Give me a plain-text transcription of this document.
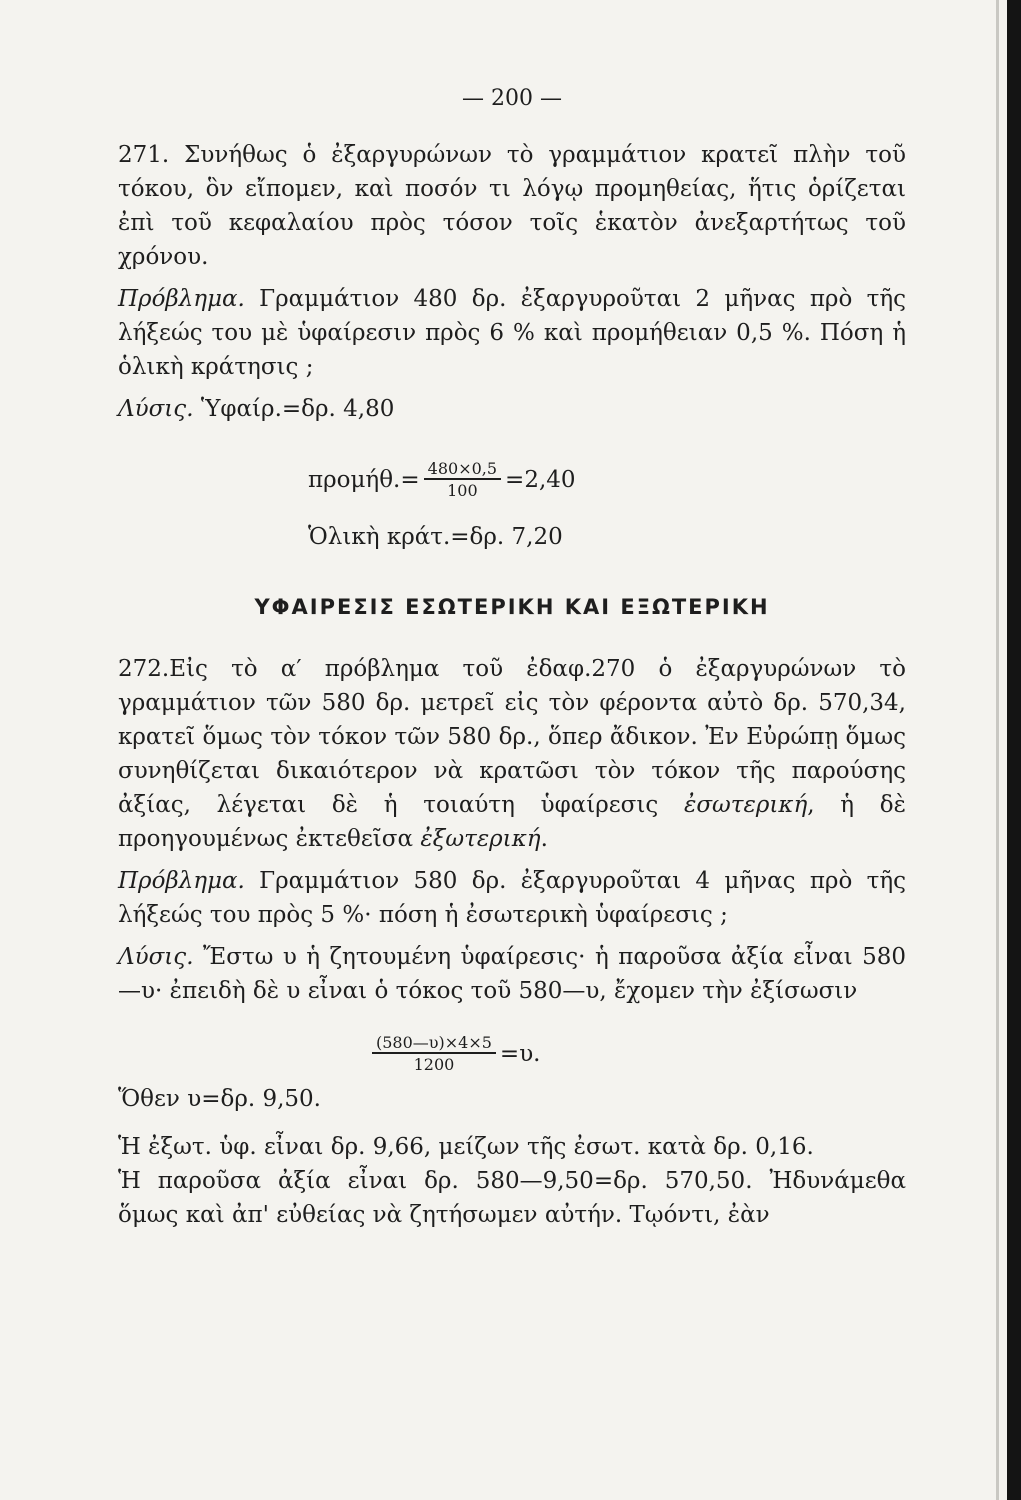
— 200 —

271. Συνήθως ὁ ἐξαργυρώνων τὸ γραμμάτιον κρατεῖ πλὴν τοῦ τόκου, ὃν εἴπομεν, καὶ ποσόν τι λόγῳ προμηθείας, ἥτις ὁρίζεται ἐπὶ τοῦ κεφαλαίου πρὸς τόσον τοῖς ἑκατὸν ἀνεξαρτήτως τοῦ χρόνου.

Πρόβλημα. Γραμμάτιον 480 δρ. ἐξαργυροῦται 2 μῆνας πρὸ τῆς λήξεώς του μὲ ὑφαίρεσιν πρὸς 6 % καὶ προμήθειαν 0,5 %. Πόση ἡ ὁλικὴ κράτησις ;

Λύσις. Ὑφαίρ.=δρ. 4,80

$\pi\rho o\mu ή\theta.= \frac{480\times 0,5}{100} =2,40$
Ὁλικὴ κράτ.=δρ. 7,20
ΥΦΑΙΡΕΣΙΣ ΕΣΩΤΕΡΙΚΗ ΚΑΙ ΕΞΩΤΕΡΙΚΗ

272.Εἰς τὸ α′ πρόβλημα τοῦ ἐδαφ.270 ὁ ἐξαργυρώνων τὸ γραμμάτιον τῶν 580 δρ. μετρεῖ εἰς τὸν φέροντα αὐτὸ δρ. 570,34, κρατεῖ ὅμως τὸν τόκον τῶν 580 δρ., ὅπερ ἄδικον. Ἐν Εὐρώπῃ ὅμως συνηθίζεται δικαιότερον νὰ κρατῶσι τὸν τόκον τῆς παρούσης ἀξίας, λέγεται δὲ ἡ τοιαύτη ὑφαίρεσις ἐσωτερική, ἡ δὲ προηγουμένως ἐκτεθεῖσα ἐξωτερική.

Πρόβλημα. Γραμμάτιον 580 δρ. ἐξαργυροῦται 4 μῆνας πρὸ τῆς λήξεώς του πρὸς 5 %· πόση ἡ ἐσωτερικὴ ὑφαίρεσις ;

Λύσις. Ἔστω υ ἡ ζητουμένη ὑφαίρεσις· ἡ παροῦσα ἀξία εἶναι 580—υ· ἐπειδὴ δὲ υ εἶναι ὁ τόκος τοῦ 580—υ, ἔχομεν τὴν ἐξίσωσιν

$\frac{(580—\upsilon)\times 4\times 5}{1200} =\upsilon$.
Ὅθεν υ=δρ. 9,50.

Ἡ ἐξωτ. ὑφ. εἶναι δρ. 9,66, μείζων τῆς ἐσωτ. κατὰ δρ. 0,16.

Ἡ παροῦσα ἀξία εἶναι δρ. 580—9,50=δρ. 570,50. Ἠδυνάμεθα ὅμως καὶ ἀπ' εὐθείας νὰ ζητήσωμεν αὐτήν. Τῳόντι, ἐὰν
